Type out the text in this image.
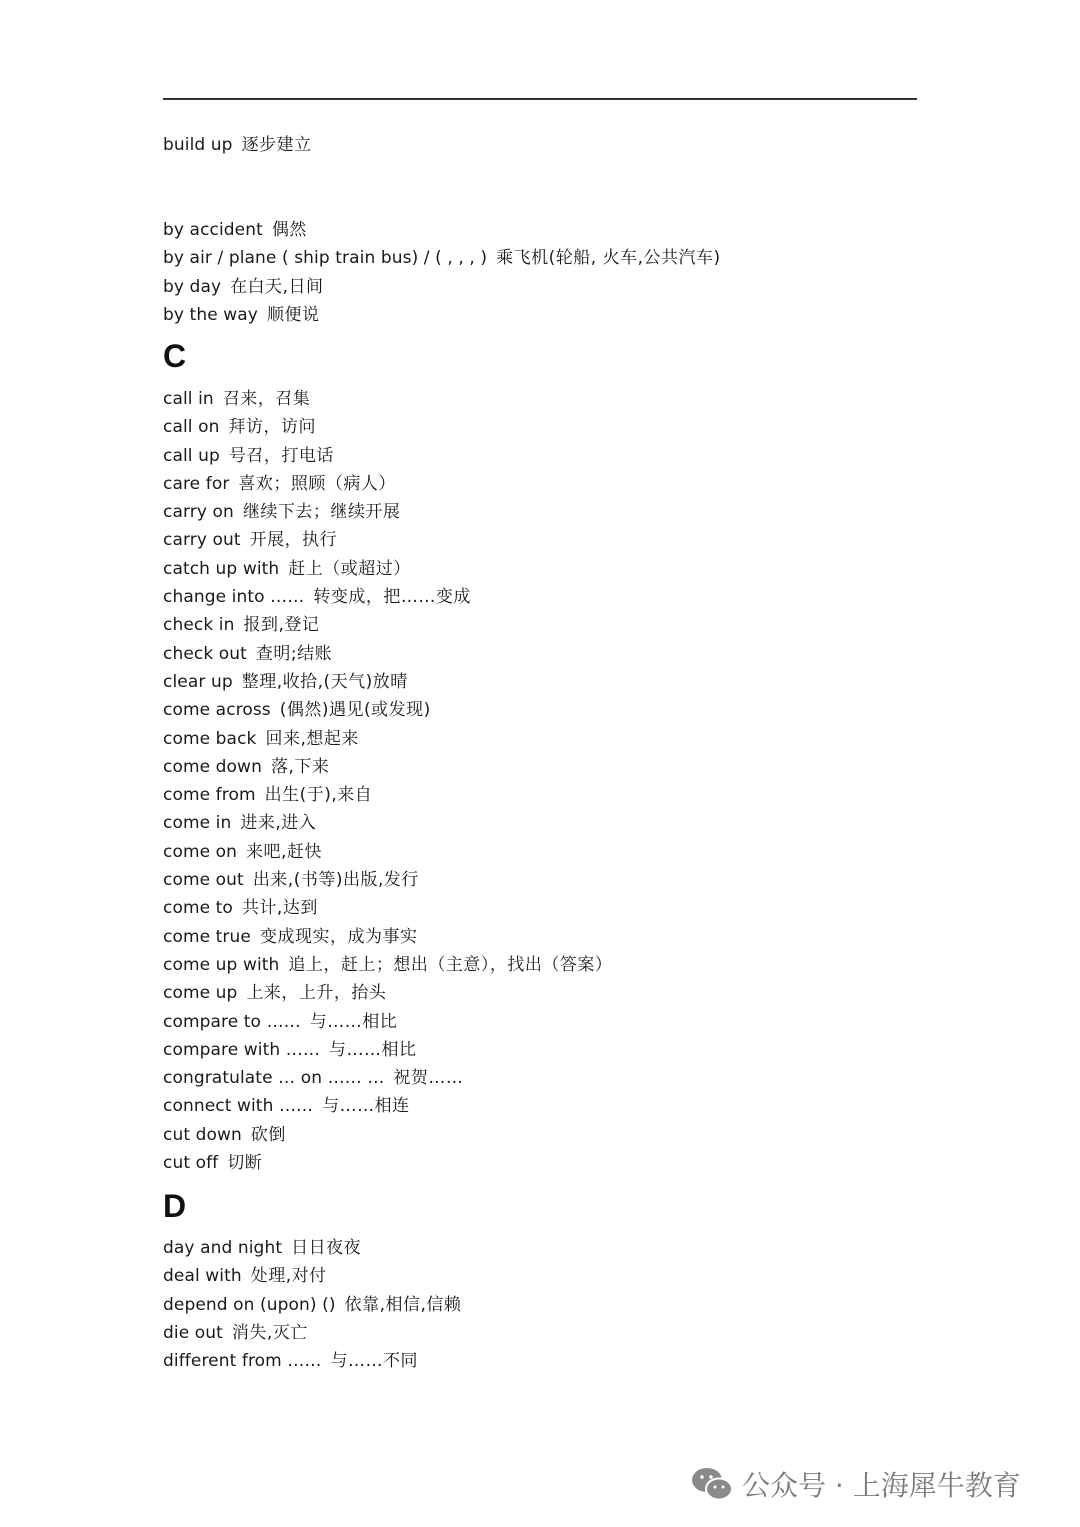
build up 逐步建立
by accident 偶然
by air / plane ( ship train bus) / ( , , , ) 乘飞机(轮船, 火车,公共汽车)
by day 在白天,日间
by the way 顺便说
C
call in 召来，召集
call on 拜访，访问
call up 号召，打电话
care for 喜欢；照顾（病人）
carry on 继续下去；继续开展
carry out 开展，执行
catch up with 赶上（或超过）
change into …… 转变成，把……变成
check in 报到,登记
check out 查明;结账
clear up 整理,收拾,(天气)放晴
come across (偶然)遇见(或发现)
come back 回来,想起来
come down 落,下来
come from 出生(于),来自
come in 进来,进入
come on 来吧,赶快
come out 出来,(书等)出版,发行
come to 共计,达到
come true 变成现实，成为事实
come up with 追上，赶上；想出（主意），找出（答案）
come up 上来，上升，抬头
compare to …… 与……相比
compare with …… 与……相比
congratulate … on …… … 祝贺……
connect with …… 与……相连
cut down 砍倒
cut off 切断
D
day and night 日日夜夜
deal with 处理,对付
depend on (upon) () 依靠,相信,信赖
die out 消失,灭亡
different from …… 与……不同
公众号 · 上海犀牛教育
